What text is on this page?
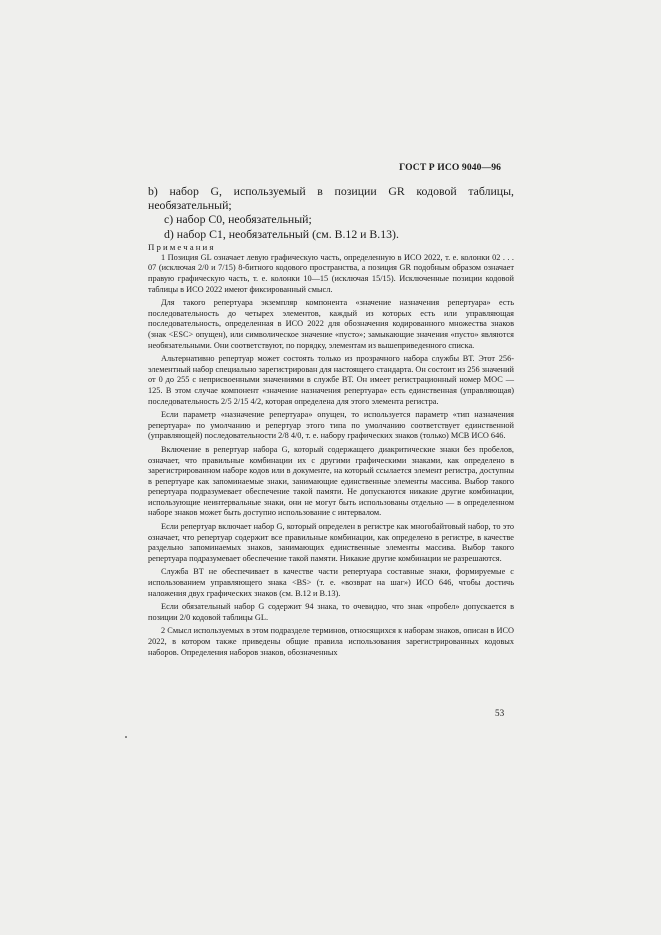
ГОСТ Р ИСО 9040—96

b) набор G, используемый в позиции GR кодовой таблицы, необязательный;

c) набор C0, необязательный;

d) набор C1, необязательный (см. B.12 и B.13).

Примечания

1 Позиция GL означает левую графическую часть, определенную в ИСО 2022, т. е. колонки 02 . . . 07 (исключая 2/0 и 7/15) 8-битного кодового пространства, а позиция GR подобным образом означает правую графическую часть, т. е. колонки 10—15 (исключая 15/15). Исключенные позиции кодовой таблицы в ИСО 2022 имеют фиксированный смысл.

Для такого репертуара экземпляр компонента «значение назначения репертуара» есть последовательность до четырех элементов, каждый из которых есть или управляющая последовательность, определенная в ИСО 2022 для обозначения кодированного множества знаков (знак <ESC> опущен), или символическое значение «пусто»; замыкающие значения «пусто» являются необязательными. Они соответствуют, по порядку, элементам из вышеприведенного списка.

Альтернативно репертуар может состоять только из прозрачного набора службы ВТ. Этот 256-элементный набор специально зарегистрирован для настоящего стандарта. Он состоит из 256 значений от 0 до 255 с неприсвоенными значениями в службе ВТ. Он имеет регистрационный номер МОС — 125. В этом случае компонент «значение назначения репертуара» есть единственная (управляющая) последовательность 2/5 2/15 4/2, которая определена для этого элемента регистра.

Если параметр «назначение репертуара» опущен, то используется параметр «тип назначения репертуара» по умолчанию и репертуар этого типа по умолчанию соответствует единственной (управляющей) последовательности 2/8 4/0, т. е. набору графических знаков (только) МСВ ИСО 646.

Включение в репертуар набора G, который содержащего диакритические знаки без пробелов, означает, что правильные комбинации их с другими графическими знаками, как определено в зарегистрированном наборе кодов или в документе, на который ссылается элемент регистра, доступны в репертуаре как запоминаемые знаки, занимающие единственные элементы массива. Выбор такого репертуара подразумевает обеспечение такой памяти. Не допускаются никакие другие комбинации, использующие неинтервальные знаки, они не могут быть использованы отдельно — в определенном наборе знаков может быть доступно использование с интервалом.

Если репертуар включает набор G, который определен в регистре как многобайтовый набор, то это означает, что репертуар содержит все правильные комбинации, как определено в регистре, в качестве раздельно запоминаемых знаков, занимающих единственные элементы массива. Выбор такого репертуара подразумевает обеспечение такой памяти. Никакие другие комбинации не разрешаются.

Служба ВТ не обеспечивает в качестве части репертуара составные знаки, формируемые с использованием управляющего знака <BS> (т. е. «возврат на шаг») ИСО 646, чтобы достичь наложения двух графических знаков (см. В.12 и В.13).

Если обязательный набор G содержит 94 знака, то очевидно, что знак «пробел» допускается в позиции 2/0 кодовой таблицы GL.

2 Смысл используемых в этом подразделе терминов, относящихся к наборам знаков, описан в ИСО 2022, в котором также приведены общие правила использования зарегистрированных кодовых наборов. Определения наборов знаков, обозначенных

53
